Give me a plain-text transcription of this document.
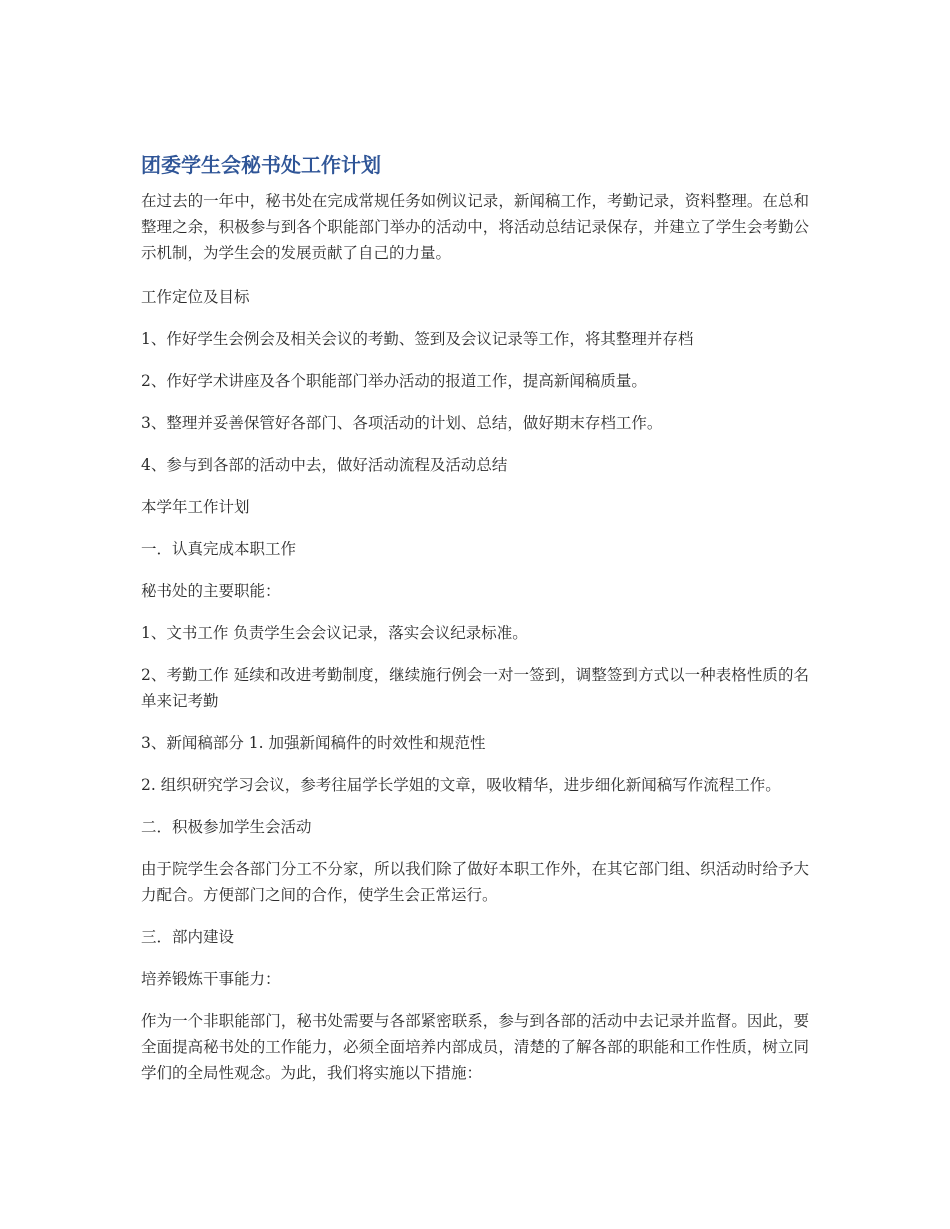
团委学生会秘书处工作计划

在过去的一年中，秘书处在完成常规任务如例议记录，新闻稿工作，考勤记录，资料整理。在总和整理之余，积极参与到各个职能部门举办的活动中，将活动总结记录保存，并建立了学生会考勤公示机制，为学生会的发展贡献了自己的力量。

工作定位及目标

1、作好学生会例会及相关会议的考勤、签到及会议记录等工作，将其整理并存档

2、作好学术讲座及各个职能部门举办活动的报道工作，提高新闻稿质量。

3、整理并妥善保管好各部门、各项活动的计划、总结，做好期末存档工作。

4、参与到各部的活动中去，做好活动流程及活动总结

本学年工作计划

一．认真完成本职工作

秘书处的主要职能：

1、文书工作 负责学生会会议记录，落实会议纪录标准。

2、考勤工作 延续和改进考勤制度，继续施行例会一对一签到，调整签到方式以一种表格性质的名单来记考勤

3、新闻稿部分 1. 加强新闻稿件的时效性和规范性

2. 组织研究学习会议，参考往届学长学姐的文章，吸收精华，进步细化新闻稿写作流程工作。

二．积极参加学生会活动

由于院学生会各部门分工不分家，所以我们除了做好本职工作外，在其它部门组、织活动时给予大力配合。方便部门之间的合作，使学生会正常运行。

三．部内建设

培养锻炼干事能力：

作为一个非职能部门，秘书处需要与各部紧密联系，参与到各部的活动中去记录并监督。因此，要全面提高秘书处的工作能力，必须全面培养内部成员，清楚的了解各部的职能和工作性质，树立同学们的全局性观念。为此，我们将实施以下措施：
